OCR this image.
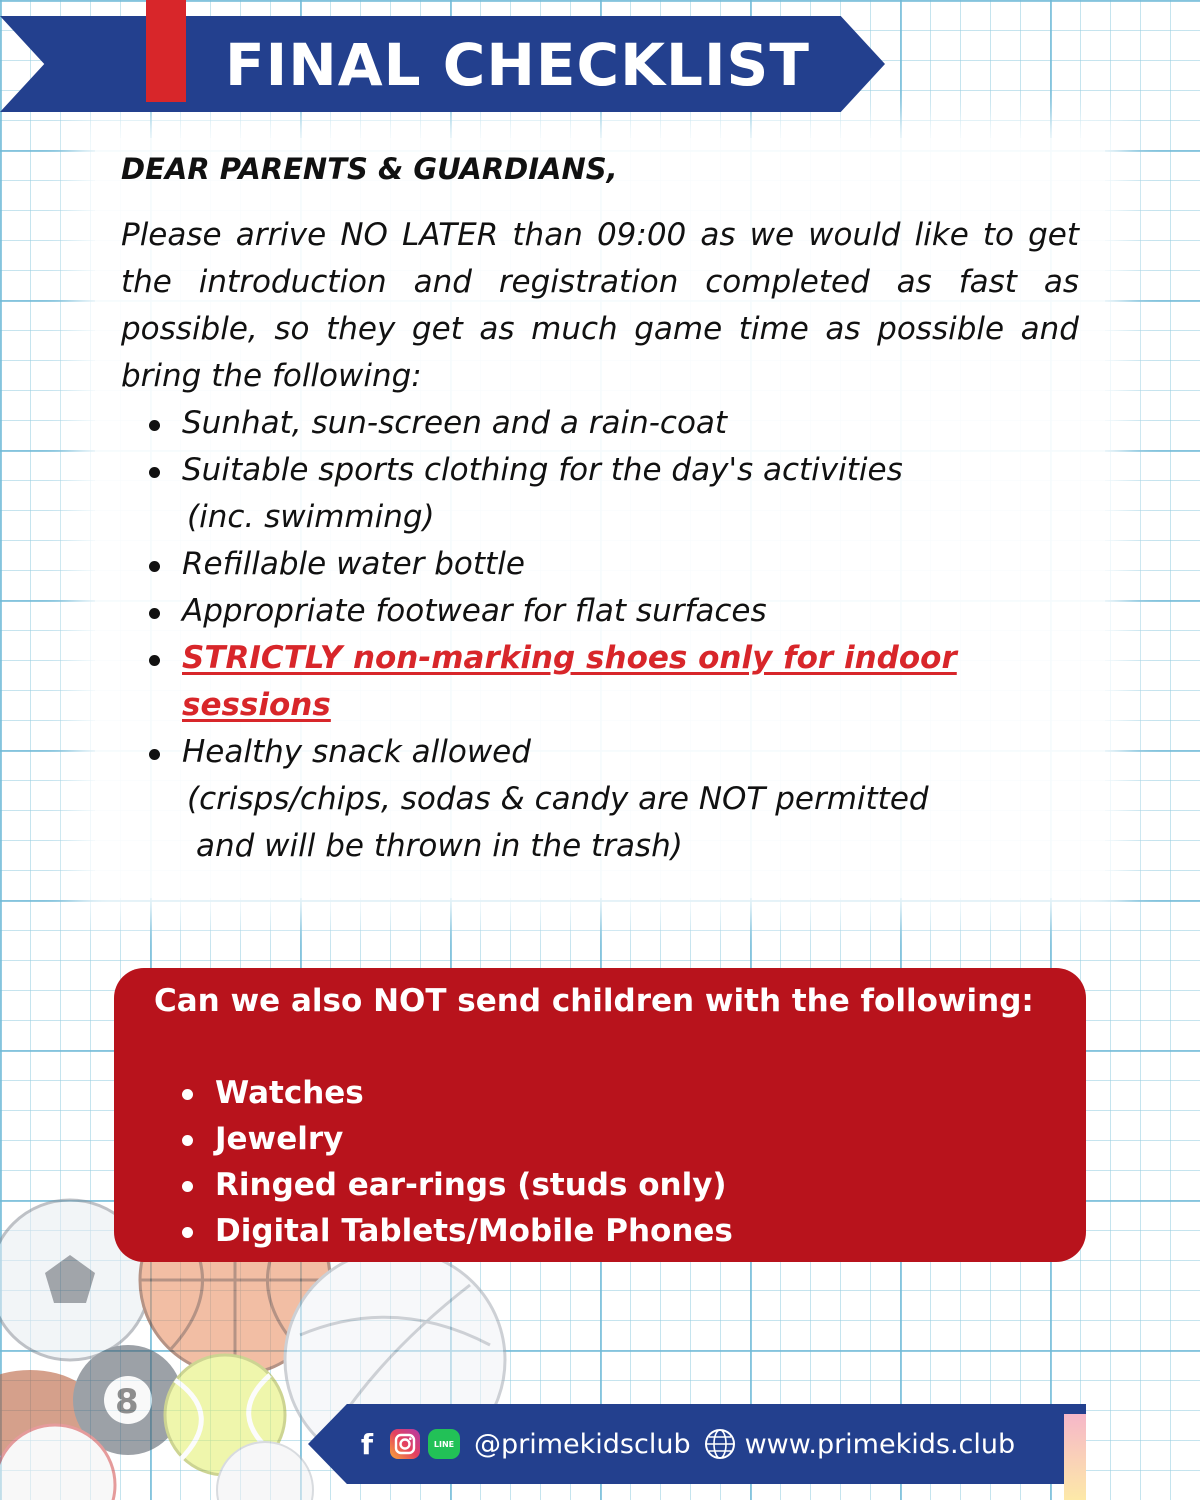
8
FINAL CHECKLIST
DEAR PARENTS & GUARDIANS,

Please arrive NO LATER than 09:00 as we would like to get the introduction and registration completed as fast as possible, so they get as much game time as possible and bring the following:

Sunhat, sun-screen and a rain-coat
Suitable sports clothing for the day's activities
(inc. swimming)
Refillable water bottle
Appropriate footwear for flat surfaces
STRICTLY non-marking shoes only for indoor sessions
Healthy snack allowed
(crisps/chips, sodas & candy are NOT permitted
and will be thrown in the trash)

Can we also NOT send children with the following:

Watches
Jewelry
Ringed ear-rings (studs only)
Digital Tablets/Mobile Phones
f	LINE @primekidsclub www.primekids.club
